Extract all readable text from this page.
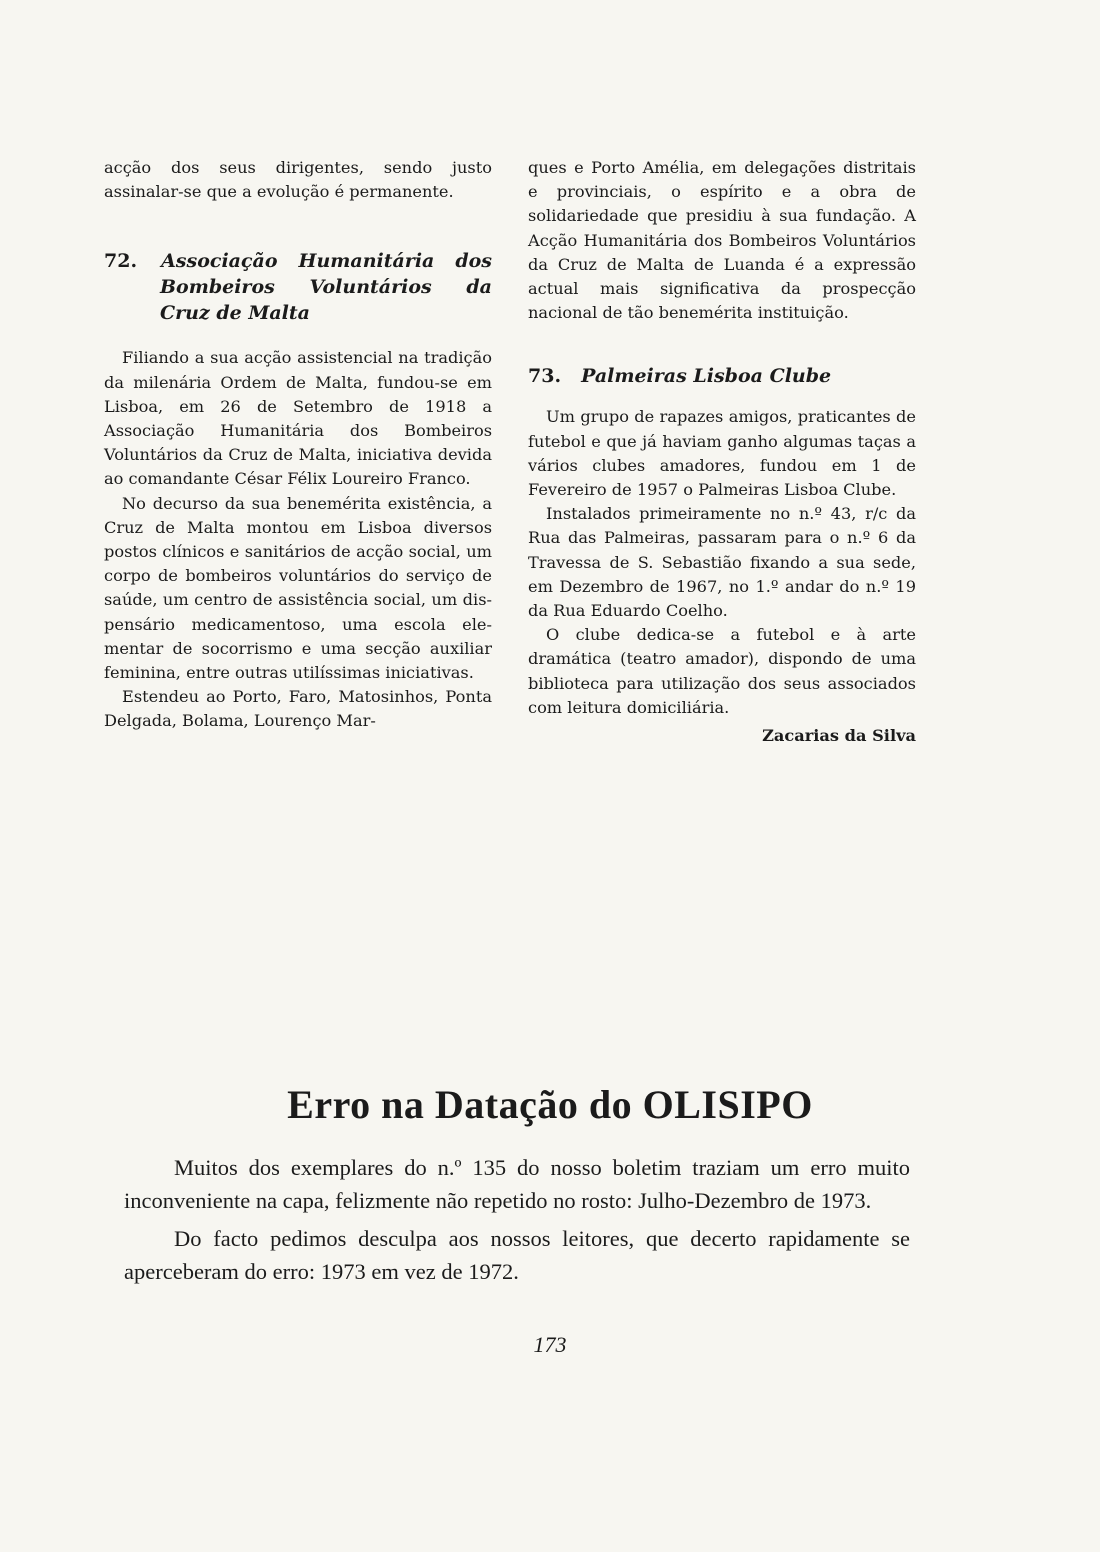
acção dos seus dirigentes, sendo justo assinalar-se que a evolução é permanente.

72. Associação Humanitária dos Bombeiros Voluntários da Cruz de Malta

Filiando a sua acção assistencial na tradição da milenária Ordem de Malta, fundou-se em Lisboa, em 26 de Setembro de 1918 a Associação Humanitária dos Bombeiros Voluntários da Cruz de Malta, iniciativa devida ao comandante César Félix Loureiro Franco.

No decurso da sua benemérita existência, a Cruz de Malta montou em Lisboa diversos postos clínicos e sanitários de acção social, um corpo de bombeiros voluntários do serviço de saúde, um centro de assistência social, um dispensário medicamentoso, uma escola elementar de socorrismo e uma secção auxiliar feminina, entre outras utilíssimas iniciativas.

Estendeu ao Porto, Faro, Matosinhos, Ponta Delgada, Bolama, Lourenço Mar-

ques e Porto Amélia, em delegações distritais e provinciais, o espírito e a obra de solidariedade que presidiu à sua fundação. A Acção Humanitária dos Bombeiros Voluntários da Cruz de Malta de Luanda é a expressão actual mais significativa da prospecção nacional de tão benemérita instituição.

73. Palmeiras Lisboa Clube

Um grupo de rapazes amigos, praticantes de futebol e que já haviam ganho algumas taças a vários clubes amadores, fundou em 1 de Fevereiro de 1957 o Palmeiras Lisboa Clube.

Instalados primeiramente no n.º 43, r/c da Rua das Palmeiras, passaram para o n.º 6 da Travessa de S. Sebastião fixando a sua sede, em Dezembro de 1967, no 1.º andar do n.º 19 da Rua Eduardo Coelho.

O clube dedica-se a futebol e à arte dramática (teatro amador), dispondo de uma biblioteca para utilização dos seus associados com leitura domiciliária.

Zacarias da Silva
Erro na Datação do OLISIPO

Muitos dos exemplares do n.º 135 do nosso boletim traziam um erro muito inconveniente na capa, felizmente não repetido no rosto: Julho-Dezembro de 1973.

Do facto pedimos desculpa aos nossos leitores, que decerto rapidamente se aperceberam do erro: 1973 em vez de 1972.

173
